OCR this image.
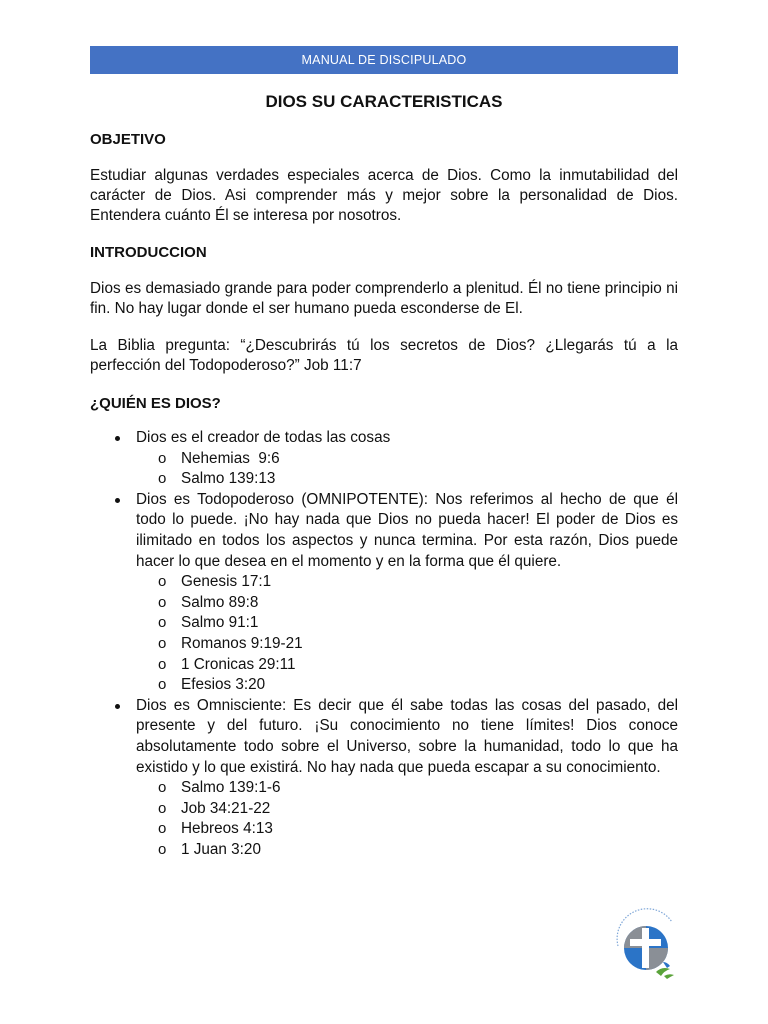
MANUAL DE DISCIPULADO
DIOS SU CARACTERISTICAS
OBJETIVO

Estudiar algunas verdades especiales acerca de Dios. Como la inmutabilidad del carácter de Dios. Asi comprender más y mejor sobre la personalidad de Dios. Entendera cuánto Él se interesa por nosotros.

INTRODUCCION

Dios es demasiado grande para poder comprenderlo a plenitud. Él no tiene principio ni fin. No hay lugar donde el ser humano pueda esconderse de El.

La Biblia pregunta: “¿Descubrirás tú los secretos de Dios? ¿Llegarás tú a la perfección del Todopoderoso?” Job 11:7

¿QUIÉN ES DIOS?
Dios es el creador de todas las cosas
o Nehemias  9:6
o Salmo 139:13
Dios es Todopoderoso (OMNIPOTENTE): Nos referimos al hecho de que él todo lo puede. ¡No hay nada que Dios no pueda hacer! El poder de Dios es ilimitado en todos los aspectos y nunca termina. Por esta razón, Dios puede hacer lo que desea en el momento y en la forma que él quiere.
o Genesis 17:1
o Salmo 89:8
o Salmo 91:1
o Romanos 9:19-21
o 1 Cronicas 29:11
o Efesios 3:20
Dios es Omnisciente: Es decir que él sabe todas las cosas del pasado, del presente y del futuro. ¡Su conocimiento no tiene límites! Dios conoce absolutamente todo sobre el Universo, sobre la humanidad, todo lo que ha existido y lo que existirá. No hay nada que pueda escapar a su conocimiento.
o Salmo 139:1-6
o Job 34:21-22
o Hebreos 4:13
o 1 Juan 3:20
